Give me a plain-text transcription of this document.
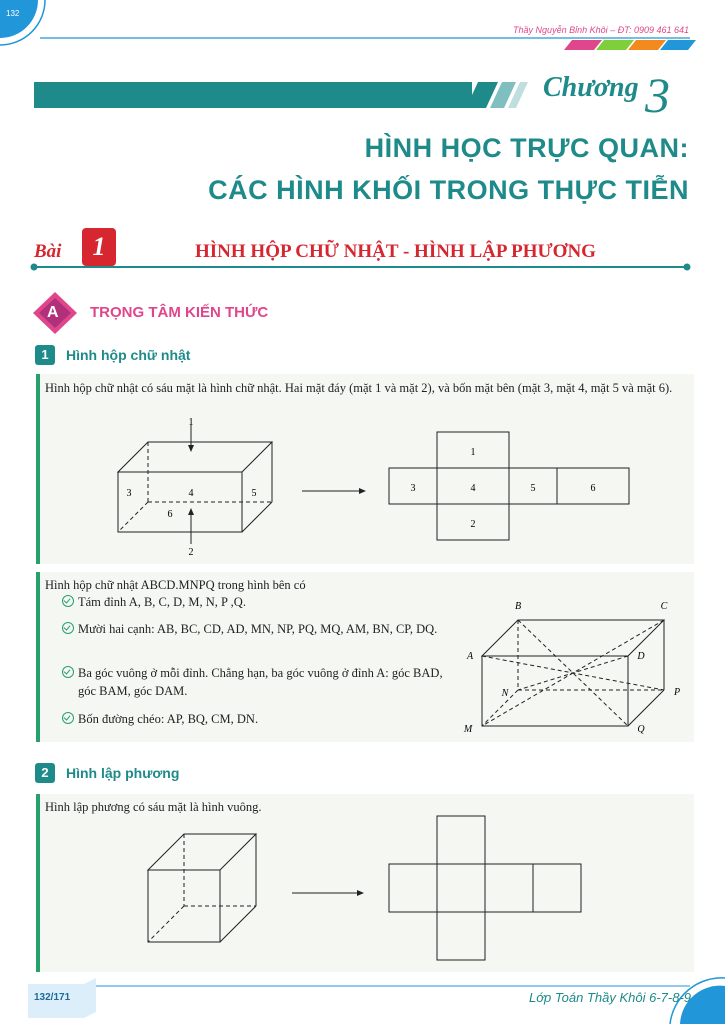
132
Thầy Nguyễn Bỉnh Khôi – ĐT: 0909 461 641
Chương 3
HÌNH HỌC TRỰC QUAN:
CÁC HÌNH KHỐI TRONG THỰC TIỄN
Bài	1	HÌNH HỘP CHỮ NHẬT - HÌNH LẬP PHƯƠNG
A TRỌNG TÂM KIẾN THỨC
1	Hình hộp chữ nhật
Hình hộp chữ nhật có sáu mặt là hình chữ nhật. Hai mặt đáy (mặt 1 và mặt 2), và bốn mặt bên (mặt 3, mặt 4, mặt 5 và mặt 6).
1
2
3	4	5
6
1
3	4	5	6
2
Hình hộp chữ nhật ABCD.MNPQ trong hình bên có
Tám đỉnh A, B, C, D, M, N, P ,Q.
Mười hai cạnh: AB, BC, CD, AD, MN, NP, PQ, MQ, AM, BN, CP, DQ.
Ba góc vuông ở mỗi đỉnh. Chẳng hạn, ba góc vuông ở đỉnh A: góc BAD, góc BAM, góc DAM.
Bốn đường chéo: AP, BQ, CM, DN.
B	C
A	D
N	P
M	Q
2	Hình lập phương
Hình lập phương có sáu mặt là hình vuông.
132/171	Lớp Toán Thầy Khôi 6-7-8-9
